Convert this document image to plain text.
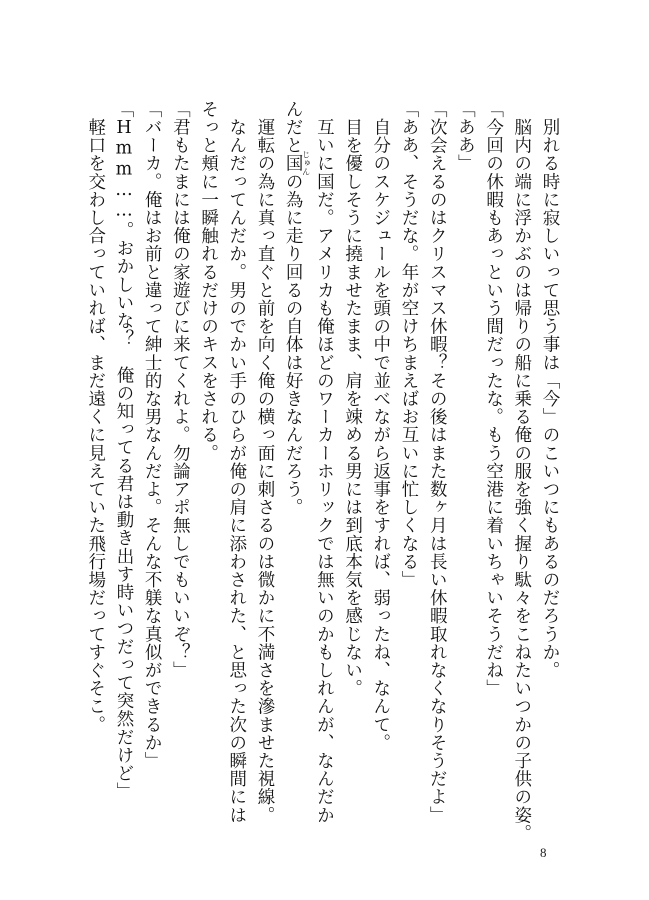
　別れる時に寂しいって思う事は「今」のこいつにもあるのだろうか。
　脳内の端に浮かぶのは帰りの船に乗る俺の服を強く握り駄々をこねたいつかの子供の姿。
「今回の休暇もあっという間だったな。もう空港に着いちゃいそうだね」
「ああ」
「次会えるのはクリスマス休暇？その後はまた数ヶ月は長い休暇取れなくなりそうだよ」
「ああ、そうだな。年が空けちまえばお互いに忙しくなる」
　自分のスケジュールを頭の中で並べながら返事をすれば、弱ったね、なんて。
　目を優しそうに撓ませたまま、肩を竦める男には到底本気を感じない。
　互いに国だ。アメリカも俺ほどのワーカーホリックでは無いのかもしれんが、なんだか
んだと国じゅんの為に走り回るの自体は好きなんだろう。
　運転の為に真っ直ぐと前を向く俺の横っ面に刺さるのは微かに不満さを滲ませた視線。
　なんだってんだか。男のでかい手のひらが俺の肩に添わされた、と思った次の瞬間には
そっと頬に一瞬触れるだけのキスをされる。
「君もたまには俺の家遊びに来てくれよ。勿論アポ無しでもいいぞ？」
「バーカ。俺はお前と違って紳士的な男なんだよ。そんな不躾な真似ができるか」
「Hmm……。おかしいな？　俺の知ってる君は動き出す時いつだって突然だけど」
　軽口を交わし合っていれば、まだ遠くに見えていた飛行場だってすぐそこ。
8
